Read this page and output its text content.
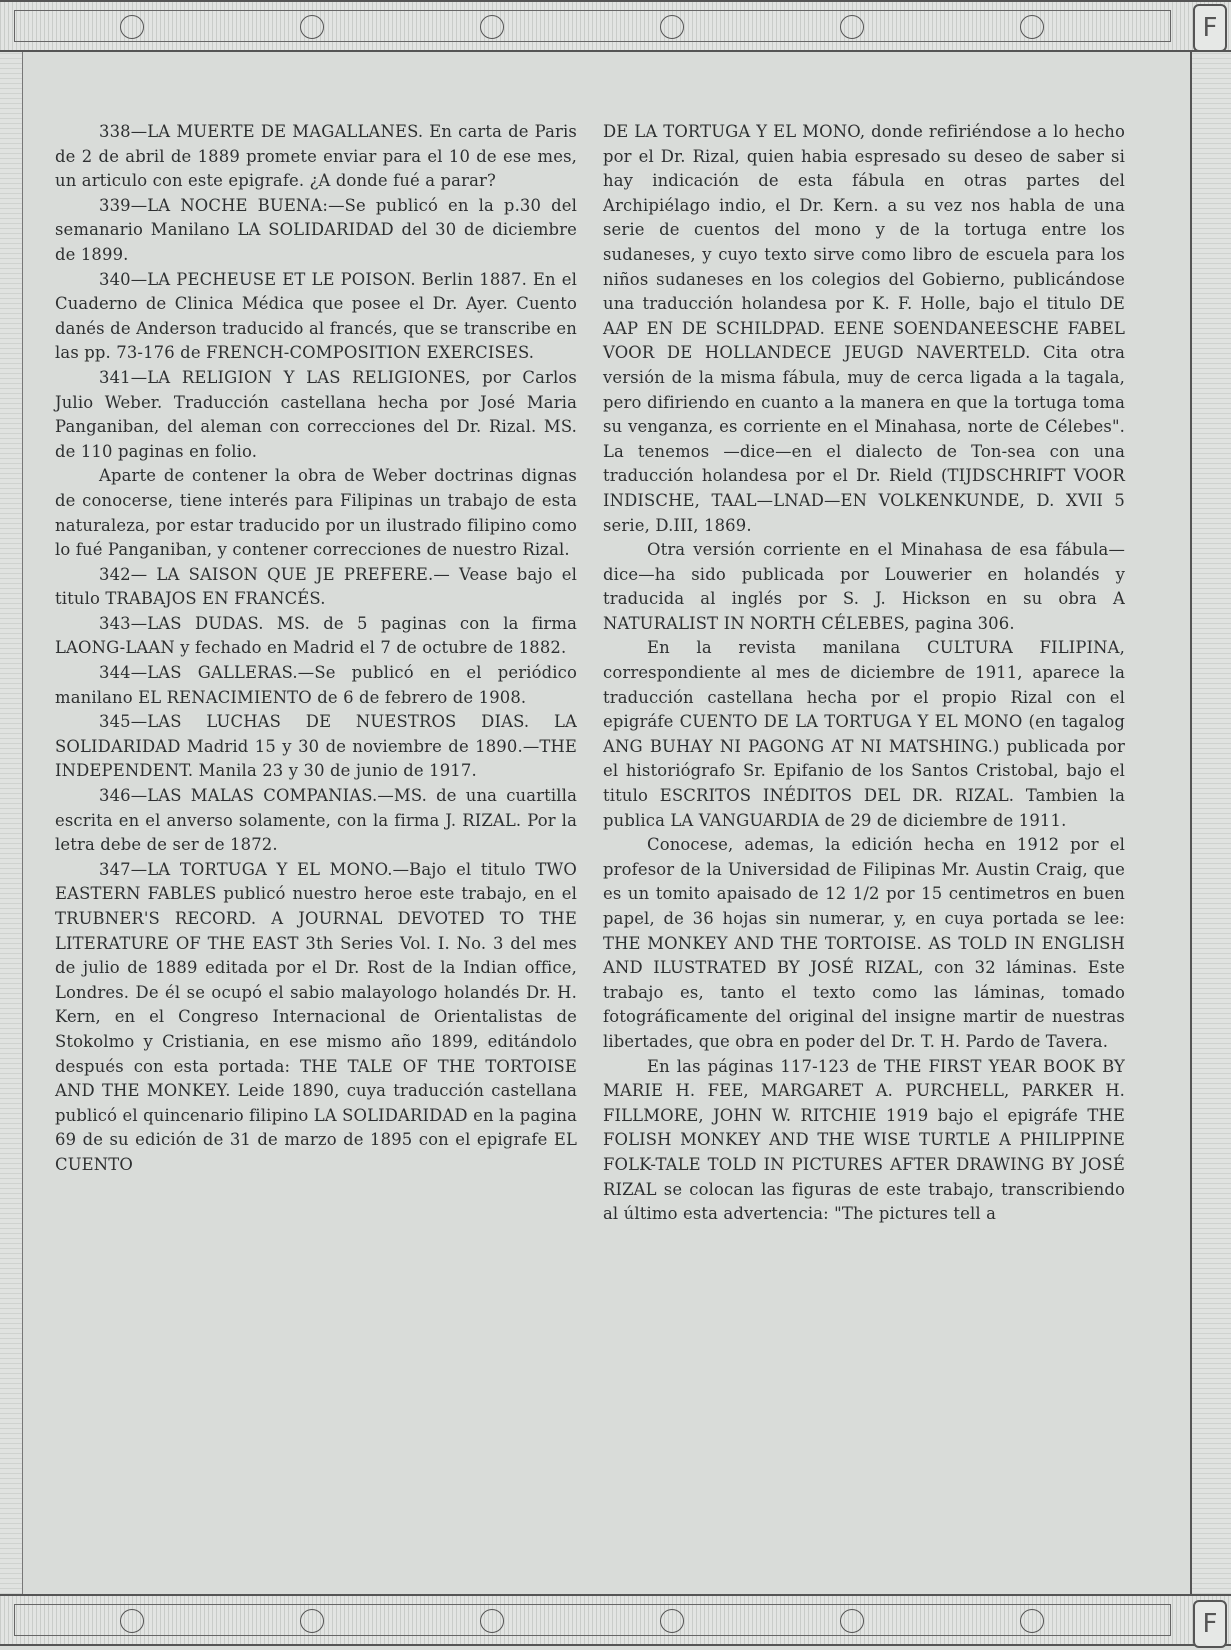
F

338—LA MUERTE DE MAGALLANES. En carta de Paris de 2 de abril de 1889 promete enviar para el 10 de ese mes, un articulo con este epigrafe. ¿A donde fué a parar?

339—LA NOCHE BUENA:—Se publicó en la p.30 del semanario Manilano LA SOLIDARIDAD del 30 de diciembre de 1899.

340—LA PECHEUSE ET LE POISON. Berlin 1887. En el Cuaderno de Clinica Médica que posee el Dr. Ayer. Cuento danés de Anderson traducido al francés, que se transcribe en las pp. 73-176 de FRENCH-COMPOSITION EXERCISES.

341—LA RELIGION Y LAS RELIGIONES, por Carlos Julio Weber. Traducción castellana hecha por José Maria Panganiban, del aleman con correcciones del Dr. Rizal. MS. de 110 paginas en folio.

Aparte de contener la obra de Weber doctrinas dignas de conocerse, tiene interés para Filipinas un trabajo de esta naturaleza, por estar traducido por un ilustrado filipino como lo fué Panganiban, y contener correcciones de nuestro Rizal.

342— LA SAISON QUE JE PREFERE.— Vease bajo el titulo TRABAJOS EN FRANCÉS.

343—LAS DUDAS. MS. de 5 paginas con la firma LAONG-LAAN y fechado en Madrid el 7 de octubre de 1882.

344—LAS GALLERAS.—Se publicó en el periódico manilano EL RENACIMIENTO de 6 de febrero de 1908.

345—LAS LUCHAS DE NUESTROS DIAS. LA SOLIDARIDAD Madrid 15 y 30 de noviembre de 1890.—THE INDEPENDENT. Manila 23 y 30 de junio de 1917.

346—LAS MALAS COMPANIAS.—MS. de una cuartilla escrita en el anverso solamente, con la firma J. RIZAL. Por la letra debe de ser de 1872.

347—LA TORTUGA Y EL MONO.—Bajo el titulo TWO EASTERN FABLES publicó nuestro heroe este trabajo, en el TRUBNER'S RECORD. A JOURNAL DEVOTED TO THE LITERATURE OF THE EAST 3th Series Vol. I. No. 3 del mes de julio de 1889 editada por el Dr. Rost de la Indian office, Londres. De él se ocupó el sabio malayologo holandés Dr. H. Kern, en el Congreso Internacional de Orientalistas de Stokolmo y Cristiania, en ese mismo año 1899, editándolo después con esta portada: THE TALE OF THE TORTOISE AND THE MONKEY. Leide 1890, cuya traducción castellana publicó el quincenario filipino LA SOLIDARIDAD en la pagina 69 de su edición de 31 de marzo de 1895 con el epigrafe EL CUENTO

DE LA TORTUGA Y EL MONO, donde refiriéndose a lo hecho por el Dr. Rizal, quien habia espresado su deseo de saber si hay indicación de esta fábula en otras partes del Archipiélago indio, el Dr. Kern. a su vez nos habla de una serie de cuentos del mono y de la tortuga entre los sudaneses, y cuyo texto sirve como libro de escuela para los niños sudaneses en los colegios del Gobierno, publicándose una traducción holandesa por K. F. Holle, bajo el titulo DE AAP EN DE SCHILDPAD. EENE SOENDANEESCHE FABEL VOOR DE HOLLANDECE JEUGD NAVERTELD. Cita otra versión de la misma fábula, muy de cerca ligada a la tagala, pero difiriendo en cuanto a la manera en que la tortuga toma su venganza, es corriente en el Minahasa, norte de Célebes". La tenemos —dice—en el dialecto de Ton-sea con una traducción holandesa por el Dr. Rield (TIJDSCHRIFT VOOR INDISCHE, TAAL—LNAD—EN VOLKENKUNDE, D. XVII 5 serie, D.III, 1869.

Otra versión corriente en el Minahasa de esa fábula—dice—ha sido publicada por Louwerier en holandés y traducida al inglés por S. J. Hickson en su obra A NATURALIST IN NORTH CÉLEBES, pagina 306.

En la revista manilana CULTURA FILIPINA, correspondiente al mes de diciembre de 1911, aparece la traducción castellana hecha por el propio Rizal con el epigráfe CUENTO DE LA TORTUGA Y EL MONO (en tagalog ANG BUHAY NI PAGONG AT NI MATSHING.) publicada por el historiógrafo Sr. Epifanio de los Santos Cristobal, bajo el titulo ESCRITOS INÉDITOS DEL DR. RIZAL. Tambien la publica LA VANGUARDIA de 29 de diciembre de 1911.

Conocese, ademas, la edición hecha en 1912 por el profesor de la Universidad de Filipinas Mr. Austin Craig, que es un tomito apaisado de 12 1/2 por 15 centimetros en buen papel, de 36 hojas sin numerar, y, en cuya portada se lee: THE MONKEY AND THE TORTOISE. AS TOLD IN ENGLISH AND ILUSTRATED BY JOSÉ RIZAL, con 32 láminas. Este trabajo es, tanto el texto como las láminas, tomado fotográficamente del original del insigne martir de nuestras libertades, que obra en poder del Dr. T. H. Pardo de Tavera.

En las páginas 117-123 de THE FIRST YEAR BOOK BY MARIE H. FEE, MARGARET A. PURCHELL, PARKER H. FILLMORE, JOHN W. RITCHIE 1919 bajo el epigráfe THE FOLISH MONKEY AND THE WISE TURTLE A PHILIPPINE FOLK-TALE TOLD IN PICTURES AFTER DRAWING BY JOSÉ RIZAL se colocan las figuras de este trabajo, transcribiendo al último esta advertencia: "The pictures tell a

F
